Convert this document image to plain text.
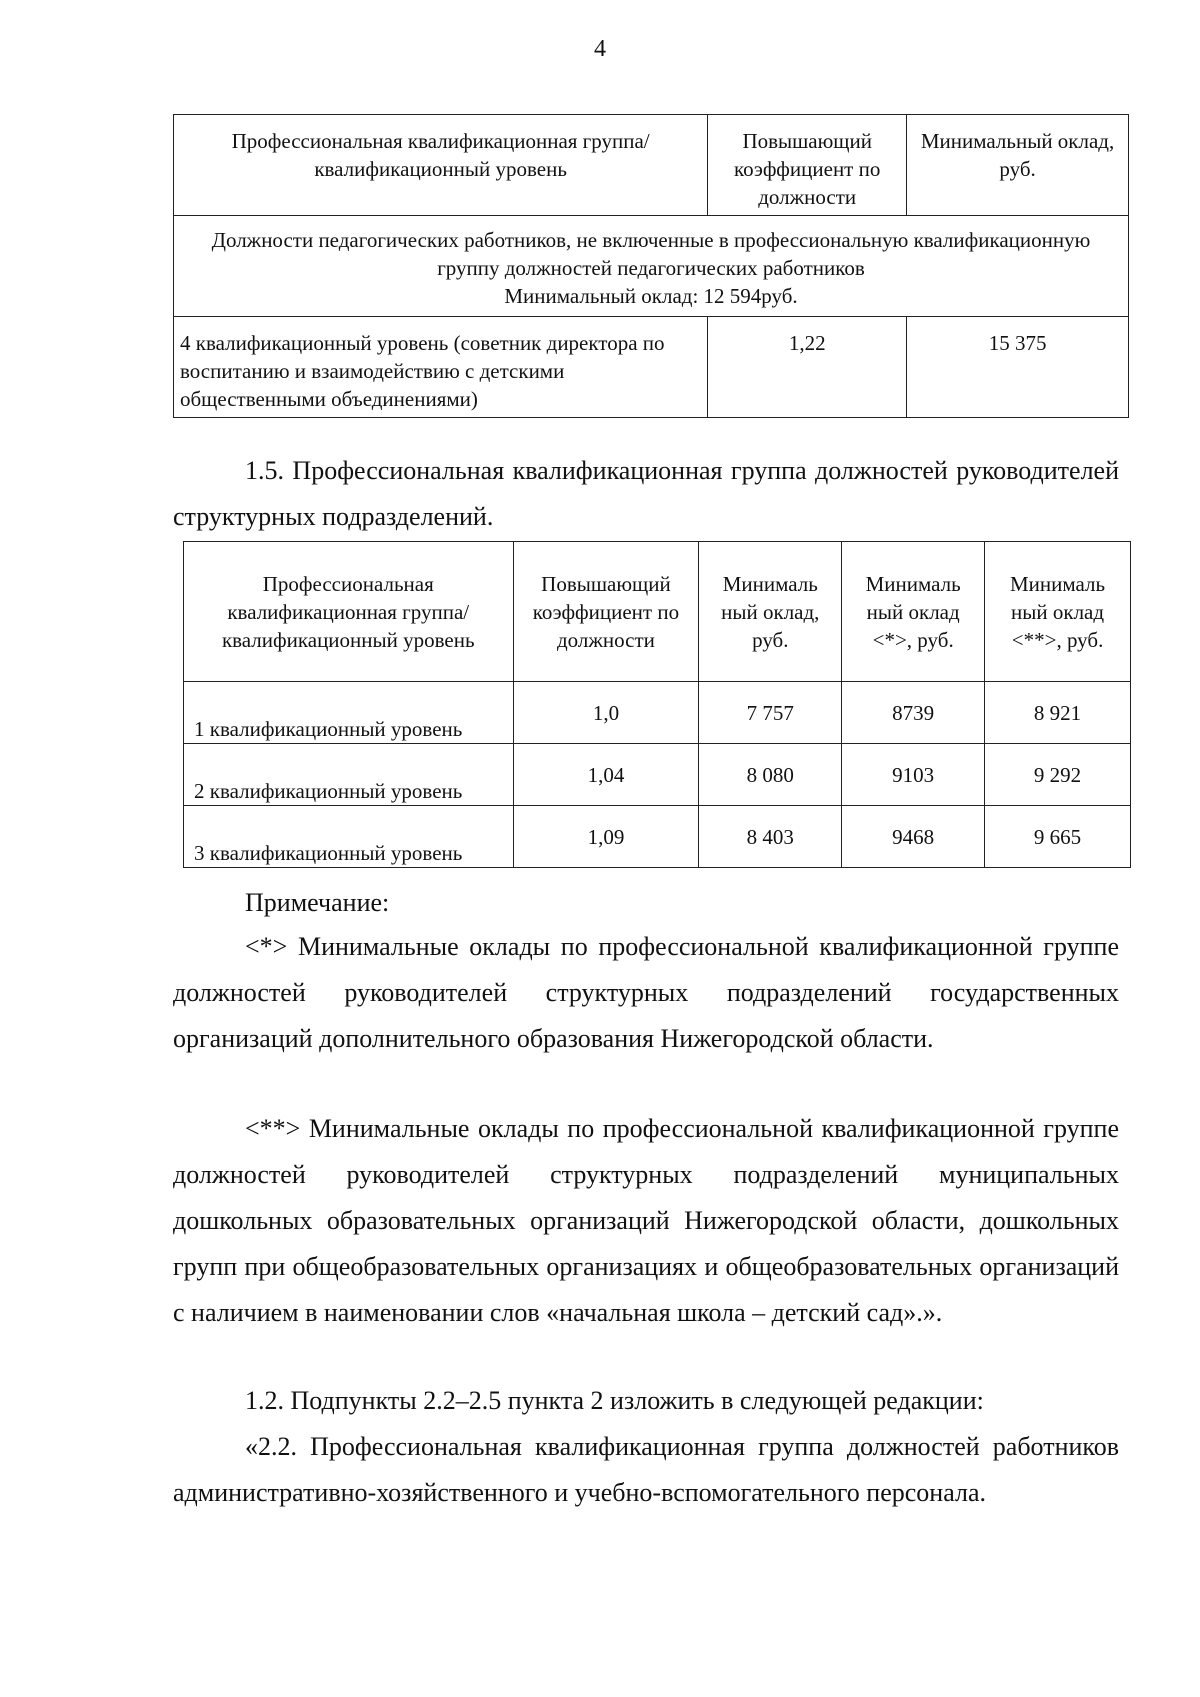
4
Профессиональная квалификационная группа/квалификационный уровень	Повышающий коэффициент по должности	Минимальный оклад, руб.

Должности педагогических работников, не включенные в профессиональную квалификационную группу должностей педагогических работников
Минимальный оклад: 12 594руб.		

4 квалификационный уровень (советник директора по воспитанию и взаимодействию с детскими общественными объединениями)	1,22	15 375

1.5. Профессиональная квалификационная группа должностей руководителей структурных подразделений.

Профессиональная квалификационная группа/квалификационный уровень	Повышающий коэффициент по должности	Минималь ный оклад, руб.	Минималь ный оклад <*>, руб.	Минималь ный оклад <**>, руб.
1 квалификационный уровень	1,0	7 757	8739	8 921
2 квалификационный уровень	1,04	8 080	9103	9 292
3 квалификационный уровень	1,09	8 403	9468	9 665

Примечание:

<*> Минимальные оклады по профессиональной квалификационной группе должностей руководителей структурных подразделений государственных организаций дополнительного образования Нижегородской области.

<**> Минимальные оклады по профессиональной квалификационной группе должностей руководителей структурных подразделений муниципальных дошкольных образовательных организаций Нижегородской области, дошкольных групп при общеобразовательных организациях и общеобразовательных организаций с наличием в наименовании слов «начальная школа – детский сад».».

1.2. Подпункты 2.2–2.5 пункта 2 изложить в следующей редакции:

«2.2. Профессиональная квалификационная группа должностей работников административно-хозяйственного и учебно-вспомогательного персонала.
